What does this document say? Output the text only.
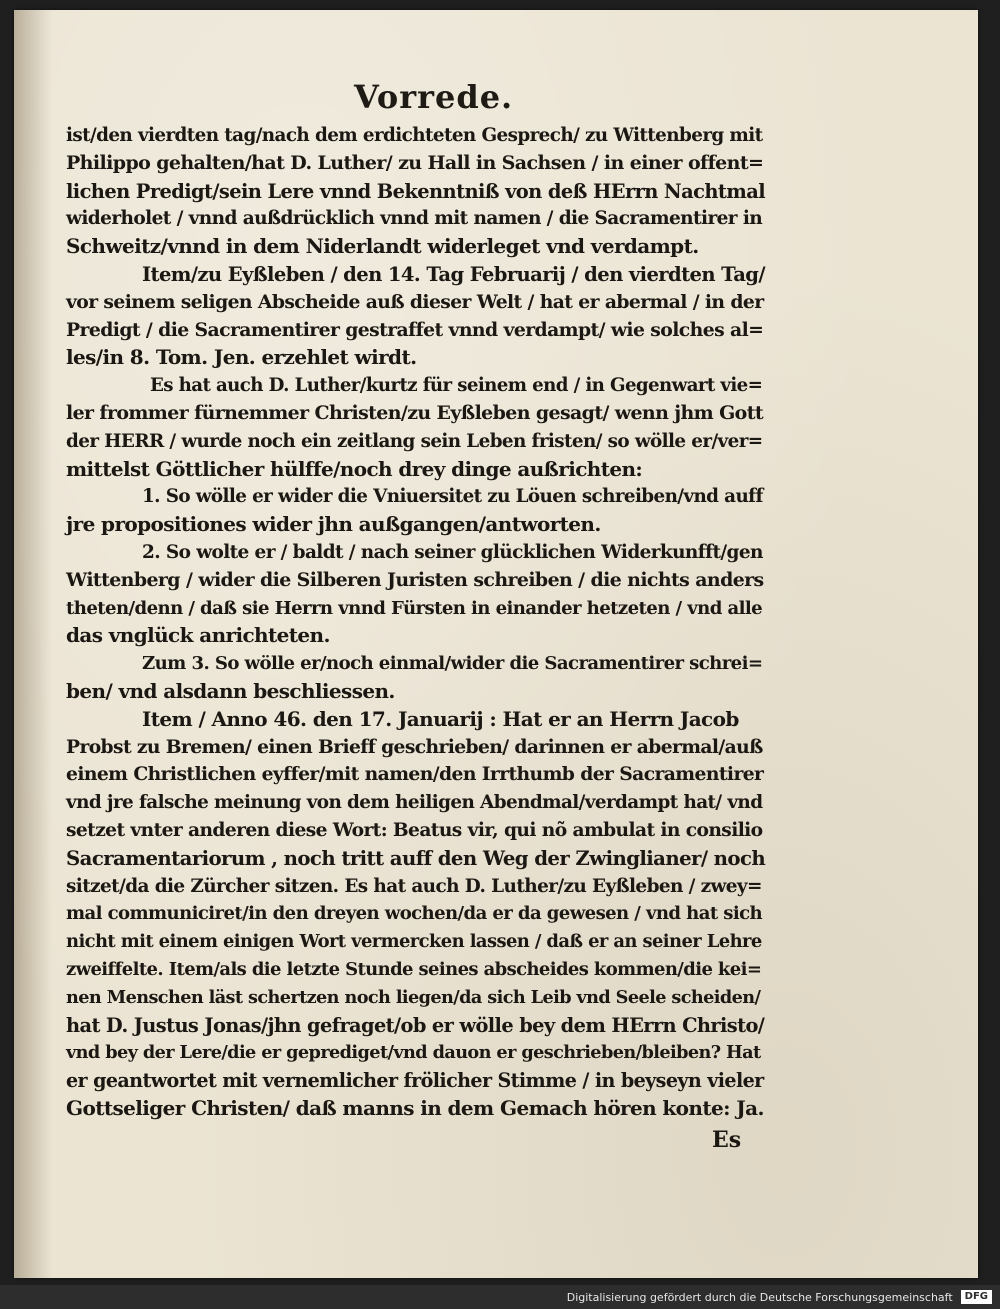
Vorrede.
ist/den vierdten tag/nach dem erdichteten Gesprech/ zu Wittenberg mit
Philippo gehalten/hat D. Luther/ zu Hall in Sachsen / in einer offent=
lichen Predigt/sein Lere vnnd Bekenntniß von deß HErrn Nachtmal
widerholet / vnnd außdrücklich vnnd mit namen / die Sacramentirer in
Schweitz/vnnd in dem Niderlandt widerleget vnd verdampt.
Item/zu Eyßleben / den 14. Tag Februarij / den vierdten Tag/
vor seinem seligen Abscheide auß dieser Welt / hat er abermal / in der
Predigt / die Sacramentirer gestraffet vnnd verdampt/ wie solches al=
les/in 8. Tom. Jen. erzehlet wirdt.
Es hat auch D. Luther/kurtz für seinem end / in Gegenwart vie=
ler frommer fürnemmer Christen/zu Eyßleben gesagt/ wenn jhm Gott
der HERR / wurde noch ein zeitlang sein Leben fristen/ so wölle er/ver=
mittelst Göttlicher hülffe/noch drey dinge außrichten:
1. So wölle er wider die Vniuersitet zu Löuen schreiben/vnd auff
jre propositiones wider jhn außgangen/antworten.
2. So wolte er / baldt / nach seiner glücklichen Widerkunfft/gen
Wittenberg / wider die Silberen Juristen schreiben / die nichts anders
theten/denn / daß sie Herrn vnnd Fürsten in einander hetzeten / vnd alle
das vnglück anrichteten.
Zum 3. So wölle er/noch einmal/wider die Sacramentirer schrei=
ben/ vnd alsdann beschliessen.
Item / Anno 46. den 17. Januarij : Hat er an Herrn Jacob
Probst zu Bremen/ einen Brieff geschrieben/ darinnen er abermal/auß
einem Christlichen eyffer/mit namen/den Irrthumb der Sacramentirer
vnd jre falsche meinung von dem heiligen Abendmal/verdampt hat/ vnd
setzet vnter anderen diese Wort: Beatus vir, qui nõ ambulat in consilio
Sacramentariorum , noch tritt auff den Weg der Zwinglianer/ noch
sitzet/da die Zürcher sitzen. Es hat auch D. Luther/zu Eyßleben / zwey=
mal communiciret/in den dreyen wochen/da er da gewesen / vnd hat sich
nicht mit einem einigen Wort vermercken lassen / daß er an seiner Lehre
zweiffelte. Item/als die letzte Stunde seines abscheides kommen/die kei=
nen Menschen läst schertzen noch liegen/da sich Leib vnd Seele scheiden/
hat D. Justus Jonas/jhn gefraget/ob er wölle bey dem HErrn Christo/
vnd bey der Lere/die er geprediget/vnd dauon er geschrieben/bleiben? Hat
er geantwortet mit vernemlicher frölicher Stimme / in beyseyn vieler
Gottseliger Christen/ daß manns in dem Gemach hören konte: Ja.
Es
Digitalisierung gefördert durch die Deutsche Forschungsgemeinschaft	DFG
